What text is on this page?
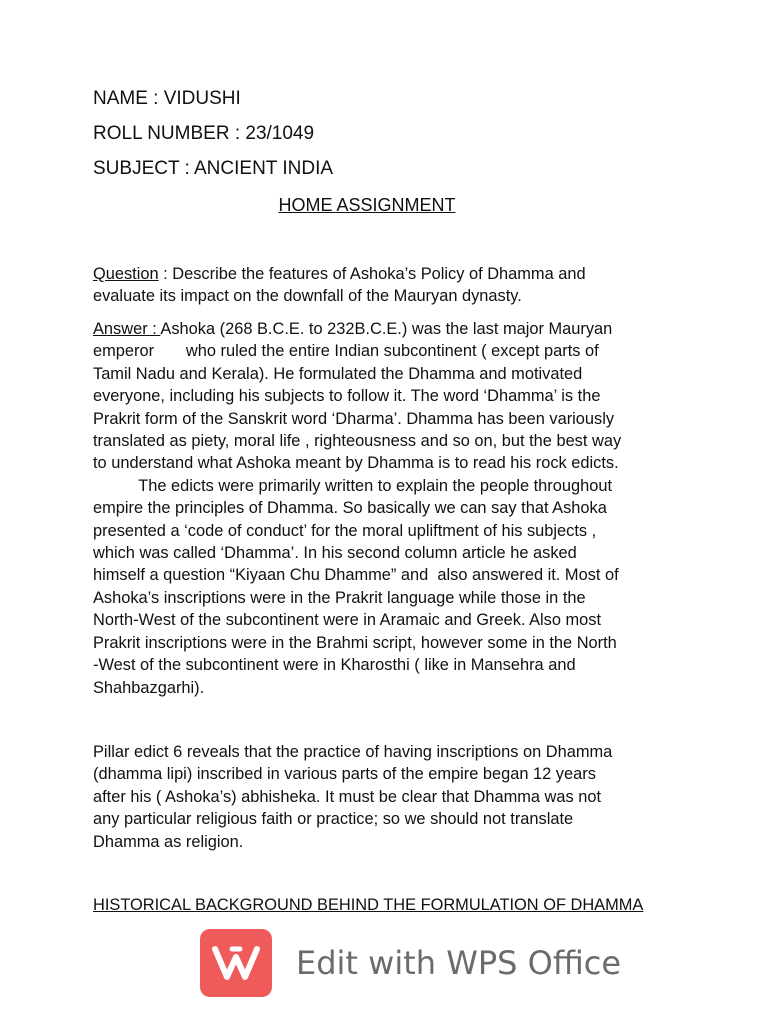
NAME : VIDUSHI
ROLL NUMBER : 23/1049
SUBJECT : ANCIENT INDIA
HOME ASSIGNMENT
Question : Describe the features of Ashoka’s Policy of Dhamma and
evaluate its impact on the downfall of the Mauryan dynasty.
Answer : Ashoka (268 B.C.E. to 232B.C.E.) was the last major Mauryan
emperor       who ruled the entire Indian subcontinent ( except parts of
Tamil Nadu and Kerala). He formulated the Dhamma and motivated
everyone, including his subjects to follow it. The word ‘Dhamma’ is the
Prakrit form of the Sanskrit word ‘Dharma’. Dhamma has been variously
translated as piety, moral life , righteousness and so on, but the best way
to understand what Ashoka meant by Dhamma is to read his rock edicts.
The edicts were primarily written to explain the people throughout
empire the principles of Dhamma. So basically we can say that Ashoka
presented a ‘code of conduct’ for the moral upliftment of his subjects ,
which was called ‘Dhamma’. In his second column article he asked
himself a question “Kiyaan Chu Dhamme” and  also answered it. Most of
Ashoka’s inscriptions were in the Prakrit language while those in the
North-West of the subcontinent were in Aramaic and Greek. Also most
Prakrit inscriptions were in the Brahmi script, however some in the North
-West of the subcontinent were in Kharosthi ( like in Mansehra and
Shahbazgarhi).
Pillar edict 6 reveals that the practice of having inscriptions on Dhamma
(dhamma lipi) inscribed in various parts of the empire began 12 years
after his ( Ashoka’s) abhisheka. It must be clear that Dhamma was not
any particular religious faith or practice; so we should not translate
Dhamma as religion.
HISTORICAL BACKGROUND BEHIND THE FORMULATION OF DHAMMA
Edit with WPS Office
